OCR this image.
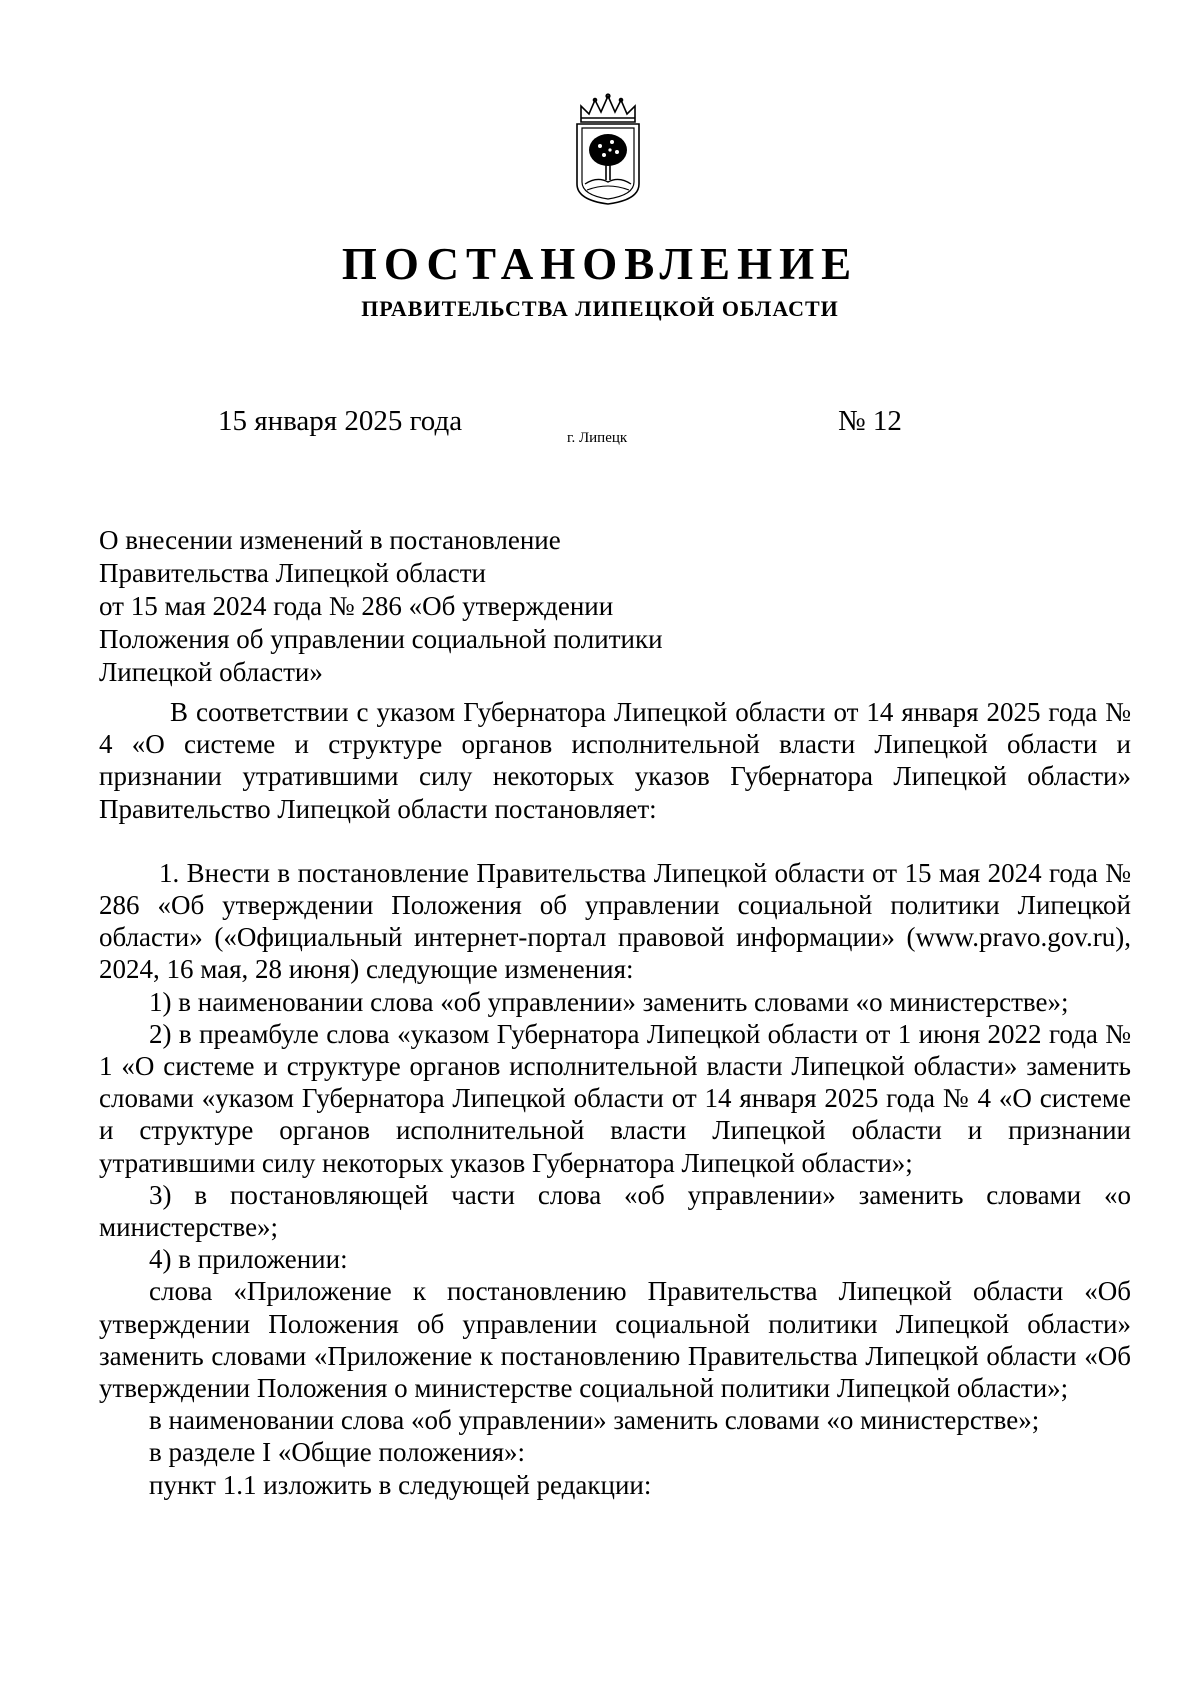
ПОСТАНОВЛЕНИЕ
ПРАВИТЕЛЬСТВА ЛИПЕЦКОЙ ОБЛАСТИ
15 января 2025 года
г. Липецк
№ 12
О внесении изменений в постановление
Правительства Липецкой области
от 15 мая 2024 года № 286 «Об утверждении
Положения об управлении социальной политики
Липецкой области»

В соответствии с указом Губернатора Липецкой области от 14 января 2025 года № 4 «О системе и структуре органов исполнительной власти Липецкой области и признании утратившими силу некоторых указов Губернатора Липецкой области» Правительство Липецкой области постановляет:

1. Внести в постановление Правительства Липецкой области от 15 мая 2024 года № 286 «Об утверждении Положения об управлении социальной политики Липецкой области» («Официальный интернет-портал правовой информации» (www.pravo.gov.ru), 2024, 16 мая, 28 июня) следующие изменения:

1) в наименовании слова «об управлении» заменить словами «о министерстве»;

2) в преамбуле слова «указом Губернатора Липецкой области от 1 июня 2022 года № 1 «О системе и структуре органов исполнительной власти Липецкой области» заменить словами «указом Губернатора Липецкой области от 14 января 2025 года № 4 «О системе и структуре органов исполнительной власти Липецкой области и признании утратившими силу некоторых указов Губернатора Липецкой области»;

3) в постановляющей части слова «об управлении» заменить словами «о министерстве»;

4) в приложении:

слова «Приложение к постановлению Правительства Липецкой области «Об утверждении Положения об управлении социальной политики Липецкой области» заменить словами «Приложение к постановлению Правительства Липецкой области «Об утверждении Положения о министерстве социальной политики Липецкой области»;

в наименовании слова «об управлении» заменить словами «о министерстве»;

в разделе I «Общие положения»:

пункт 1.1 изложить в следующей редакции:
